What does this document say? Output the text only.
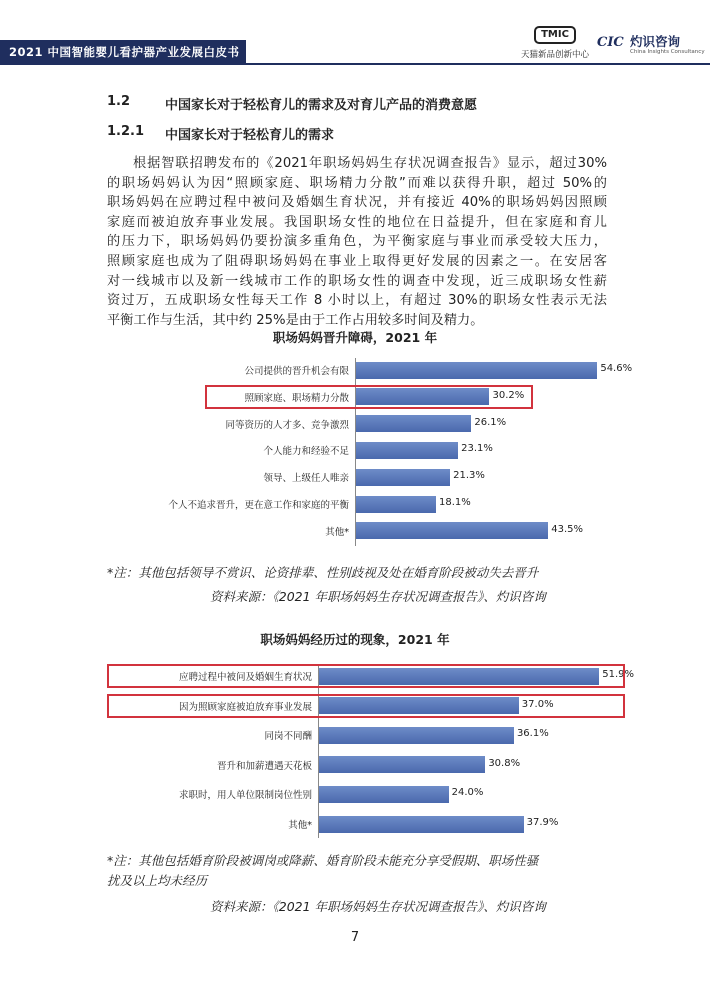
2021 中国智能婴儿看护器产业发展白皮书
TMIC
天猫新品创新中心
CIC 灼识咨询
China Insights Consultancy
1.2	中国家长对于轻松育儿的需求及对育儿产品的消费意愿
1.2.1 中国家长对于轻松育儿的需求
根据智联招聘发布的《2021年职场妈妈生存状况调查报告》显示，超过30%
的职场妈妈认为因“照顾家庭、职场精力分散”而难以获得升职，超过 50%的
职场妈妈在应聘过程中被问及婚姻生育状况，并有接近 40%的职场妈妈因照顾
家庭而被迫放弃事业发展。我国职场女性的地位在日益提升，但在家庭和育儿
的压力下，职场妈妈仍要扮演多重角色，为平衡家庭与事业而承受较大压力，
照顾家庭也成为了阻碍职场妈妈在事业上取得更好发展的因素之一。在安居客
对一线城市以及新一线城市工作的职场女性的调查中发现，近三成职场女性薪
资过万，五成职场女性每天工作 8 小时以上，有超过 30%的职场女性表示无法
平衡工作与生活，其中约 25%是由于工作占用较多时间及精力。
职场妈妈晋升障碍，2021 年
公司提供的晋升机会有限	54.6%
照顾家庭、职场精力分散	30.2%
同等资历的人才多、竞争激烈	26.1%
个人能力和经验不足	23.1%
领导、上级任人唯亲	21.3%
个人不追求晋升，更在意工作和家庭的平衡	18.1%
其他*	43.5%
*注：其他包括领导不赏识、论资排辈、性别歧视及处在婚育阶段被动失去晋升
资料来源：《2021 年职场妈妈生存状况调查报告》、灼识咨询
职场妈妈经历过的现象，2021 年
应聘过程中被问及婚姻生育状况	51.9%
因为照顾家庭被迫放弃事业发展	37.0%
同岗不同酬	36.1%
晋升和加薪遭遇天花板	30.8%
求职时，用人单位限制岗位性别	24.0%
其他*	37.9%
*注：其他包括婚育阶段被调岗或降薪、婚育阶段未能充分享受假期、职场性骚
扰及以上均未经历
资料来源：《2021 年职场妈妈生存状况调查报告》、灼识咨询
7
